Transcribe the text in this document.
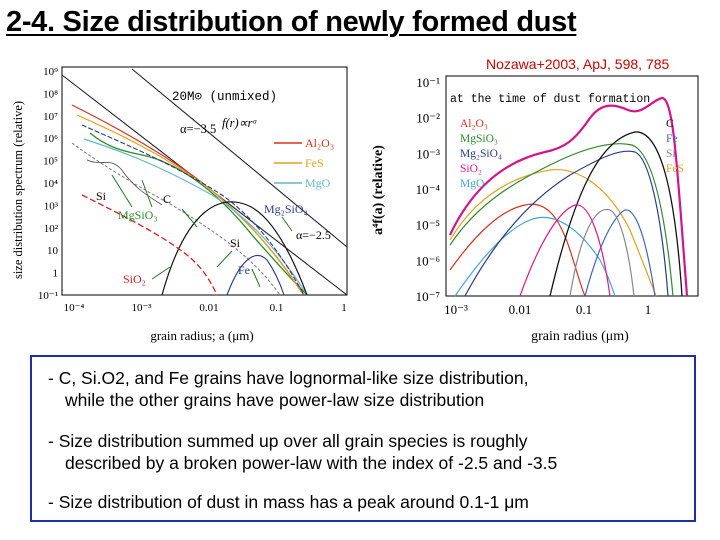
2-4. Size distribution of newly formed dust
Nozawa+2003, ApJ, 598, 785
size distribution spectrum (relative)
10⁹
10⁸
10⁷
10⁶
10⁵
10⁴
10³
10²
10
1
10⁻¹
10⁻⁴	10⁻³	0.01	0.1	1
grain radius; a (μm)
20M⊙ (unmixed)
f(r)∝rᵅ
α=−3.5
Al₂O₃
FeS
MgO
Si	C
MgSiO₃	Mg₂SiO₄
α=−2.5
Si
Fe
SiO₂
a⁴f(a) (relative)
10⁻¹
10⁻²
10⁻³
10⁻⁴
10⁻⁵
10⁻⁶
10⁻⁷
10⁻³	0.01	0.1	1
grain radius (μm)
at the time of dust formation
Al₂O₃
MgSiO₃
Mg₂SiO₄
SiO₂
MgO
C
Fe
Si
FeS
- C, Si.O2, and Fe grains have lognormal-like size distribution,
while the other grains have power-law size distribution
- Size distribution summed up over all grain species is roughly
described by a broken power-law with the index of -2.5 and -3.5
- Size distribution of dust in mass has a peak around 0.1-1 μm
